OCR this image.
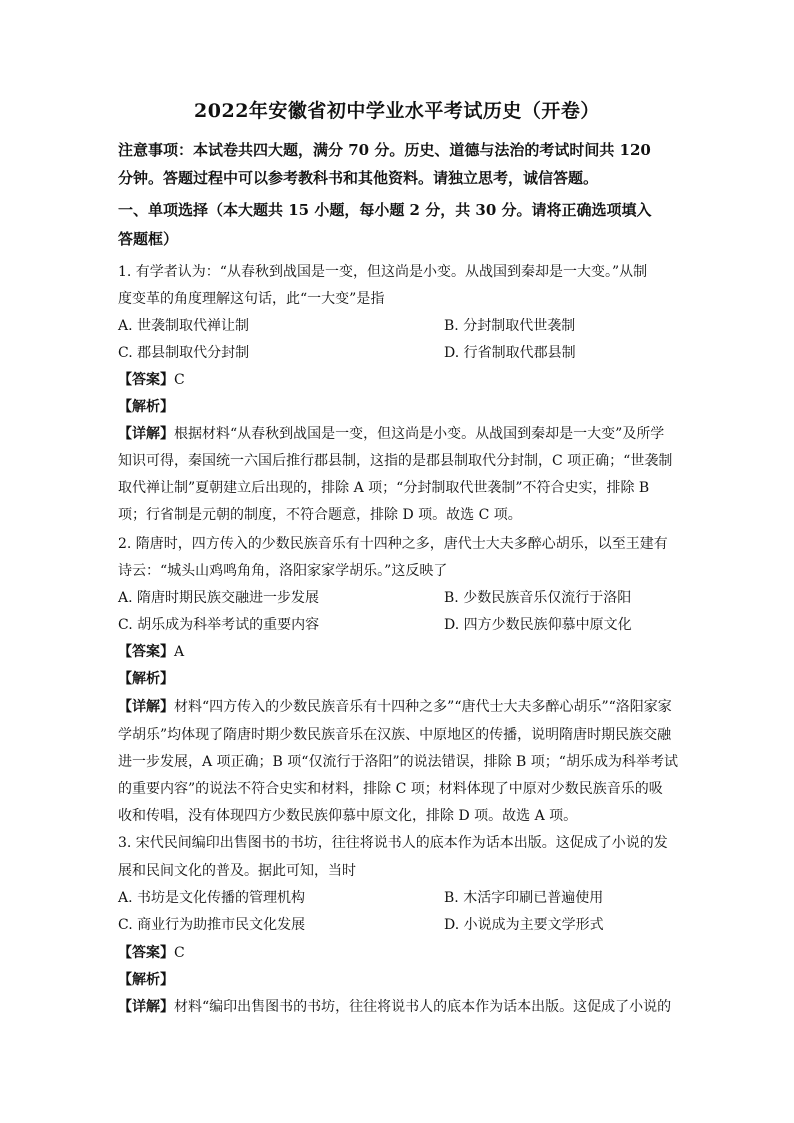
2022年安徽省初中学业水平考试历史（开卷）
注意事项：本试卷共四大题，满分 70 分。历史、道德与法治的考试时间共 120
分钟。答题过程中可以参考教科书和其他资料。请独立思考，诚信答题。
一、单项选择（本大题共 15 小题，每小题 2 分，共 30 分。请将正确选项填入
答题框）
1. 有学者认为：“从春秋到战国是一变，但这尚是小变。从战国到秦却是一大变。”从制
度变革的角度理解这句话，此“一大变”是指
A. 世袭制取代禅让制	B. 分封制取代世袭制
C. 郡县制取代分封制	D. 行省制取代郡县制
【答案】C
【解析】
【详解】根据材料“从春秋到战国是一变，但这尚是小变。从战国到秦却是一大变”及所学
知识可得，秦国统一六国后推行郡县制，这指的是郡县制取代分封制，C 项正确；“世袭制
取代禅让制”夏朝建立后出现的，排除 A 项；“分封制取代世袭制”不符合史实，排除 B
项；行省制是元朝的制度，不符合题意，排除 D 项。故选 C 项。
2. 隋唐时，四方传入的少数民族音乐有十四种之多，唐代士大夫多醉心胡乐，以至王建有
诗云：“城头山鸡鸣角角，洛阳家家学胡乐。”这反映了
A. 隋唐时期民族交融进一步发展	B. 少数民族音乐仅流行于洛阳
C. 胡乐成为科举考试的重要内容	D. 四方少数民族仰慕中原文化
【答案】A
【解析】
【详解】材料“四方传入的少数民族音乐有十四种之多”“唐代士大夫多醉心胡乐”“洛阳家家
学胡乐”均体现了隋唐时期少数民族音乐在汉族、中原地区的传播，说明隋唐时期民族交融
进一步发展，A 项正确；B 项“仅流行于洛阳”的说法错误，排除 B 项；“胡乐成为科举考试
的重要内容”的说法不符合史实和材料，排除 C 项；材料体现了中原对少数民族音乐的吸
收和传唱，没有体现四方少数民族仰慕中原文化，排除 D 项。故选 A 项。
3. 宋代民间编印出售图书的书坊，往往将说书人的底本作为话本出版。这促成了小说的发
展和民间文化的普及。据此可知，当时
A. 书坊是文化传播的管理机构	B. 木活字印刷已普遍使用
C. 商业行为助推市民文化发展	D. 小说成为主要文学形式
【答案】C
【解析】
【详解】材料“编印出售图书的书坊，往往将说书人的底本作为话本出版。这促成了小说的
